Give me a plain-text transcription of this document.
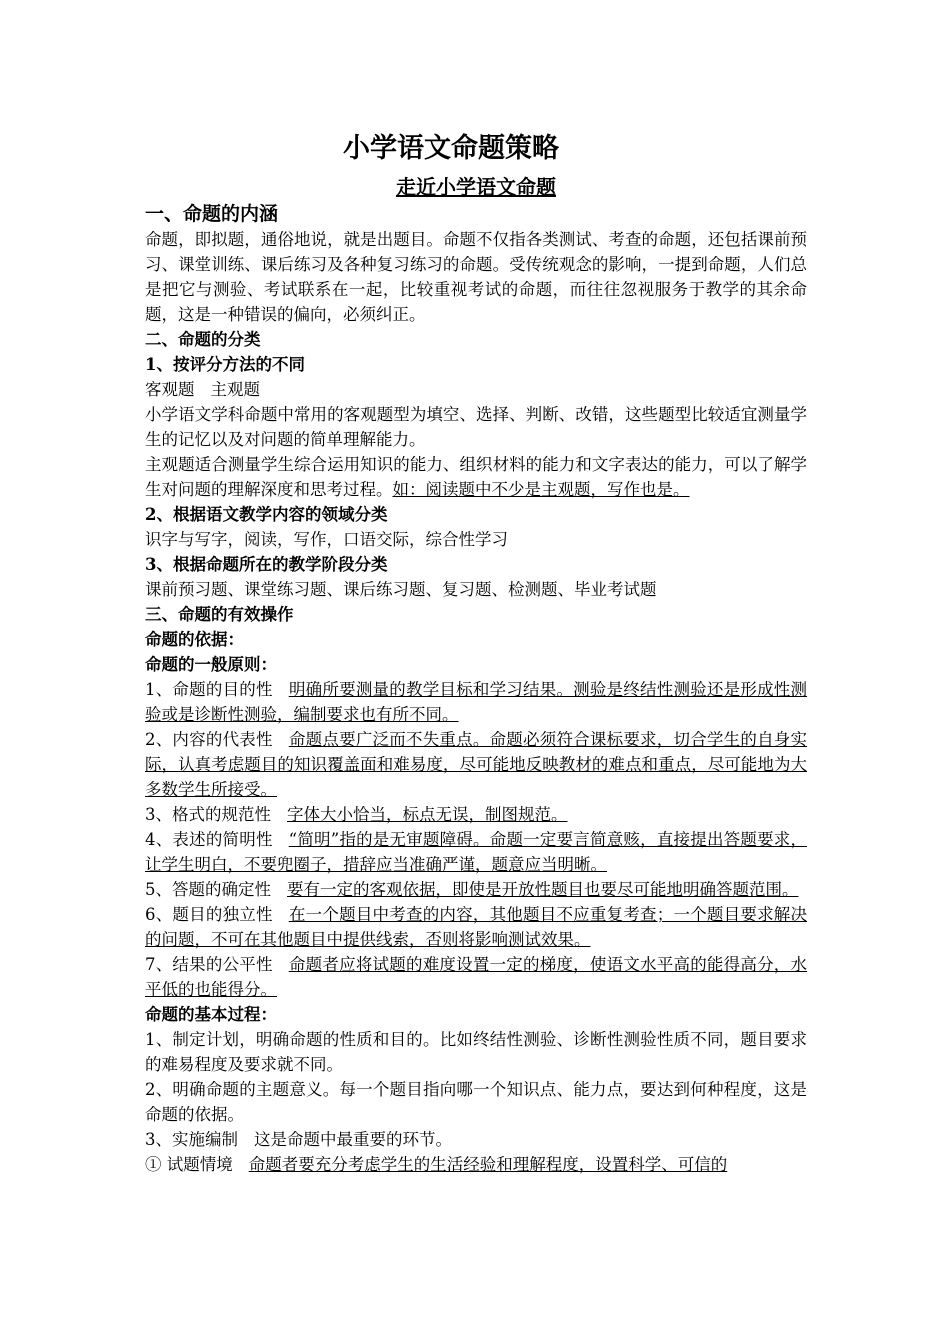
小学语文命题策略
走近小学语文命题
一、命题的内涵
命题，即拟题，通俗地说，就是出题目。命题不仅指各类测试、考查的命题，还包括课前预习、课堂训练、课后练习及各种复习练习的命题。受传统观念的影响，一提到命题，人们总是把它与测验、考试联系在一起，比较重视考试的命题，而往往忽视服务于教学的其余命题，这是一种错误的偏向，必须纠正。
二、命题的分类
1、按评分方法的不同
客观题 主观题
小学语文学科命题中常用的客观题型为填空、选择、判断、改错，这些题型比较适宜测量学生的记忆以及对问题的简单理解能力。
主观题适合测量学生综合运用知识的能力、组织材料的能力和文字表达的能力，可以了解学生对问题的理解深度和思考过程。如：阅读题中不少是主观题，写作也是。
2、根据语文教学内容的领域分类
识字与写字，阅读，写作，口语交际，综合性学习
3、根据命题所在的教学阶段分类
课前预习题、课堂练习题、课后练习题、复习题、检测题、毕业考试题
三、命题的有效操作
命题的依据：
命题的一般原则：
1、命题的目的性 明确所要测量的教学目标和学习结果。测验是终结性测验还是形成性测验或是诊断性测验，编制要求也有所不同。
2、内容的代表性 命题点要广泛而不失重点。命题必须符合课标要求，切合学生的自身实际，认真考虑题目的知识覆盖面和难易度，尽可能地反映教材的难点和重点，尽可能地为大多数学生所接受。
3、格式的规范性 字体大小恰当，标点无误，制图规范。
4、表述的简明性 “简明”指的是无审题障碍。命题一定要言简意赅，直接提出答题要求，让学生明白，不要兜圈子，措辞应当准确严谨，题意应当明晰。
5、答题的确定性 要有一定的客观依据，即使是开放性题目也要尽可能地明确答题范围。
6、题目的独立性 在一个题目中考查的内容，其他题目不应重复考查；一个题目要求解决的问题，不可在其他题目中提供线索，否则将影响测试效果。
7、结果的公平性 命题者应将试题的难度设置一定的梯度，使语文水平高的能得高分，水平低的也能得分。
命题的基本过程：
1、制定计划，明确命题的性质和目的。比如终结性测验、诊断性测验性质不同，题目要求的难易程度及要求就不同。
2、明确命题的主题意义。每一个题目指向哪一个知识点、能力点，要达到何种程度，这是命题的依据。
3、实施编制 这是命题中最重要的环节。
① 试题情境 命题者要充分考虑学生的生活经验和理解程度，设置科学、可信的
